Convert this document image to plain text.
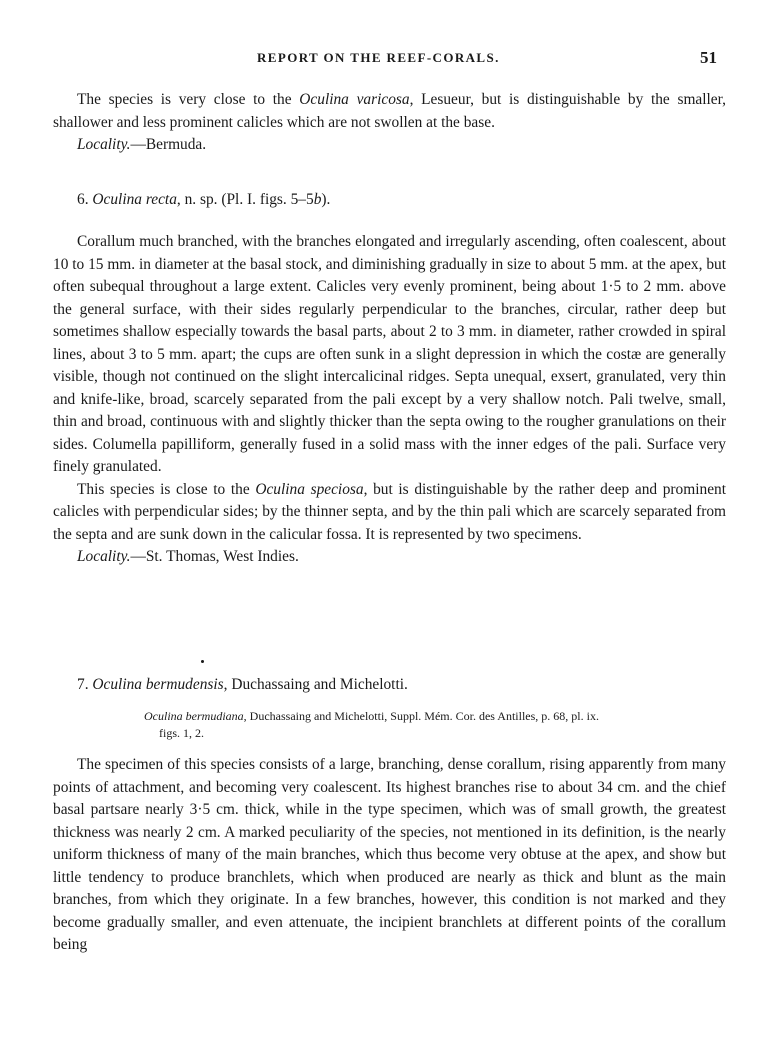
REPORT ON THE REEF-CORALS.	51

The species is very close to the Oculina varicosa, Lesueur, but is distinguishable by the smaller, shallower and less prominent calicles which are not swollen at the base.

Locality.—Bermuda.

6. Oculina recta, n. sp. (Pl. I. figs. 5–5b).

Corallum much branched, with the branches elongated and irregularly ascending, often coalescent, about 10 to 15 mm. in diameter at the basal stock, and diminishing gradually in size to about 5 mm. at the apex, but often subequal throughout a large extent. Calicles very evenly prominent, being about 1·5 to 2 mm. above the general surface, with their sides regularly perpendicular to the branches, circular, rather deep but sometimes shallow especially towards the basal parts, about 2 to 3 mm. in diameter, rather crowded in spiral lines, about 3 to 5 mm. apart; the cups are often sunk in a slight depression in which the costæ are generally visible, though not continued on the slight intercalicinal ridges. Septa unequal, exsert, granulated, very thin and knife-like, broad, scarcely separated from the pali except by a very shallow notch. Pali twelve, small, thin and broad, continuous with and slightly thicker than the septa owing to the rougher granulations on their sides. Columella papilliform, generally fused in a solid mass with the inner edges of the pali. Surface very finely granulated.

This species is close to the Oculina speciosa, but is distinguishable by the rather deep and prominent calicles with perpendicular sides; by the thinner septa, and by the thin pali which are scarcely separated from the septa and are sunk down in the calicular fossa. It is represented by two specimens.

Locality.—St. Thomas, West Indies.

7. Oculina bermudensis, Duchassaing and Michelotti.
Oculina bermudiana, Duchassaing and Michelotti, Suppl. Mém. Cor. des Antilles, p. 68, pl. ix.
figs. 1, 2.

The specimen of this species consists of a large, branching, dense corallum, rising apparently from many points of attachment, and becoming very coalescent. Its highest branches rise to about 34 cm. and the chief basal partsare nearly 3·5 cm. thick, while in the type specimen, which was of small growth, the greatest thickness was nearly 2 cm. A marked peculiarity of the species, not mentioned in its definition, is the nearly uniform thickness of many of the main branches, which thus become very obtuse at the apex, and show but little tendency to produce branchlets, which when produced are nearly as thick and blunt as the main branches, from which they originate. In a few branches, however, this condition is not marked and they become gradually smaller, and even attenuate, the incipient branchlets at different points of the corallum being
